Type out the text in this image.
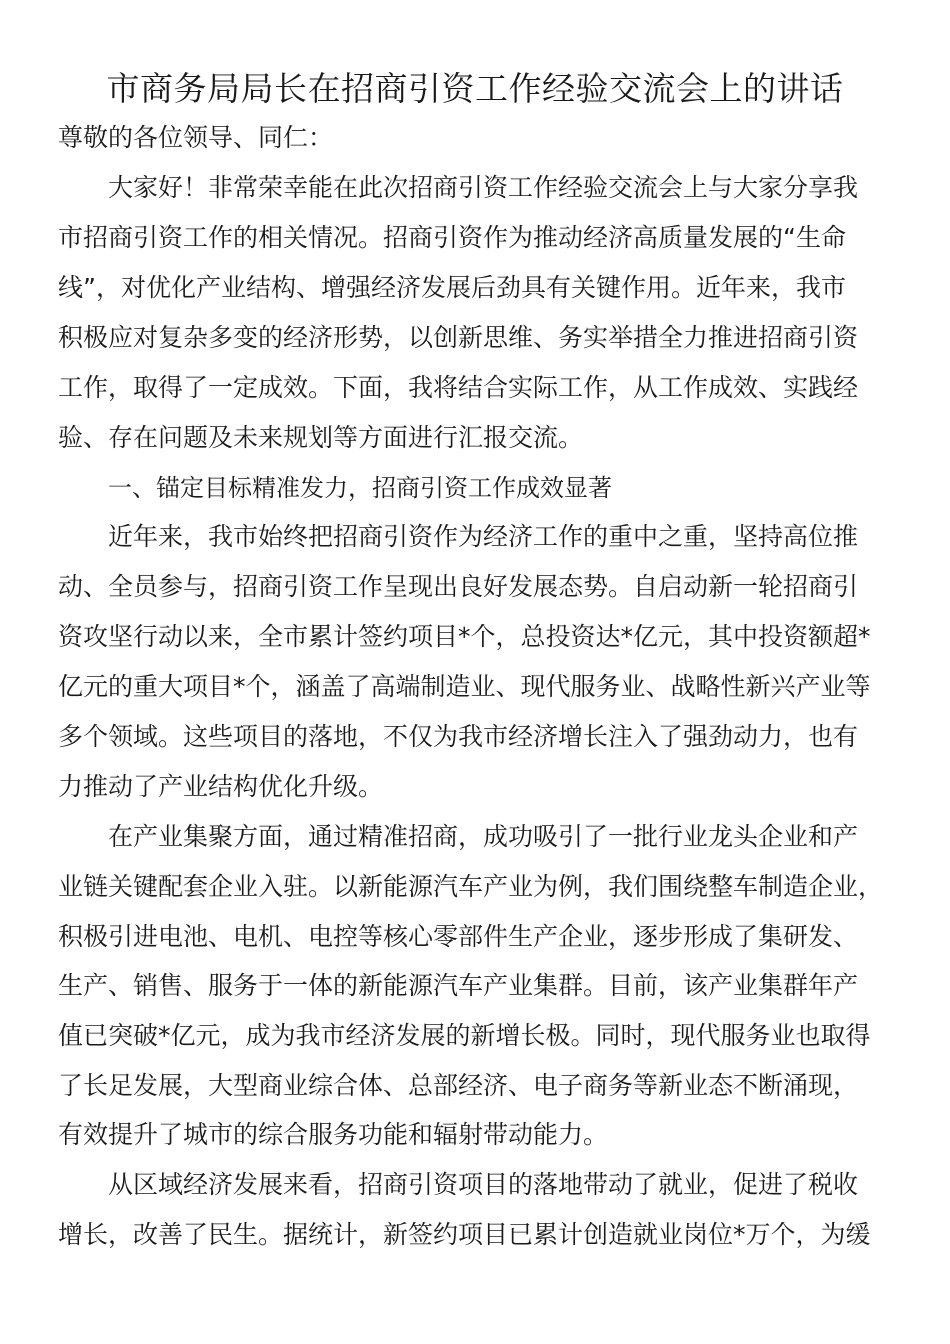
市商务局局长在招商引资工作经验交流会上的讲话

尊敬的各位领导、同仁：

大家好！非常荣幸能在此次招商引资工作经验交流会上与大家分享我

市招商引资工作的相关情况。招商引资作为推动经济高质量发展的“生命

线”，对优化产业结构、增强经济发展后劲具有关键作用。近年来，我市

积极应对复杂多变的经济形势，以创新思维、务实举措全力推进招商引资

工作，取得了一定成效。下面，我将结合实际工作，从工作成效、实践经

验、存在问题及未来规划等方面进行汇报交流。

一、锚定目标精准发力，招商引资工作成效显著

近年来，我市始终把招商引资作为经济工作的重中之重，坚持高位推

动、全员参与，招商引资工作呈现出良好发展态势。自启动新一轮招商引

资攻坚行动以来，全市累计签约项目*个，总投资达*亿元，其中投资额超*

亿元的重大项目*个，涵盖了高端制造业、现代服务业、战略性新兴产业等

多个领域。这些项目的落地，不仅为我市经济增长注入了强劲动力，也有

力推动了产业结构优化升级。

在产业集聚方面，通过精准招商，成功吸引了一批行业龙头企业和产

业链关键配套企业入驻。以新能源汽车产业为例，我们围绕整车制造企业，

积极引进电池、电机、电控等核心零部件生产企业，逐步形成了集研发、

生产、销售、服务于一体的新能源汽车产业集群。目前，该产业集群年产

值已突破*亿元，成为我市经济发展的新增长极。同时，现代服务业也取得

了长足发展，大型商业综合体、总部经济、电子商务等新业态不断涌现，

有效提升了城市的综合服务功能和辐射带动能力。

从区域经济发展来看，招商引资项目的落地带动了就业，促进了税收

增长，改善了民生。据统计，新签约项目已累计创造就业岗位*万个，为缓
